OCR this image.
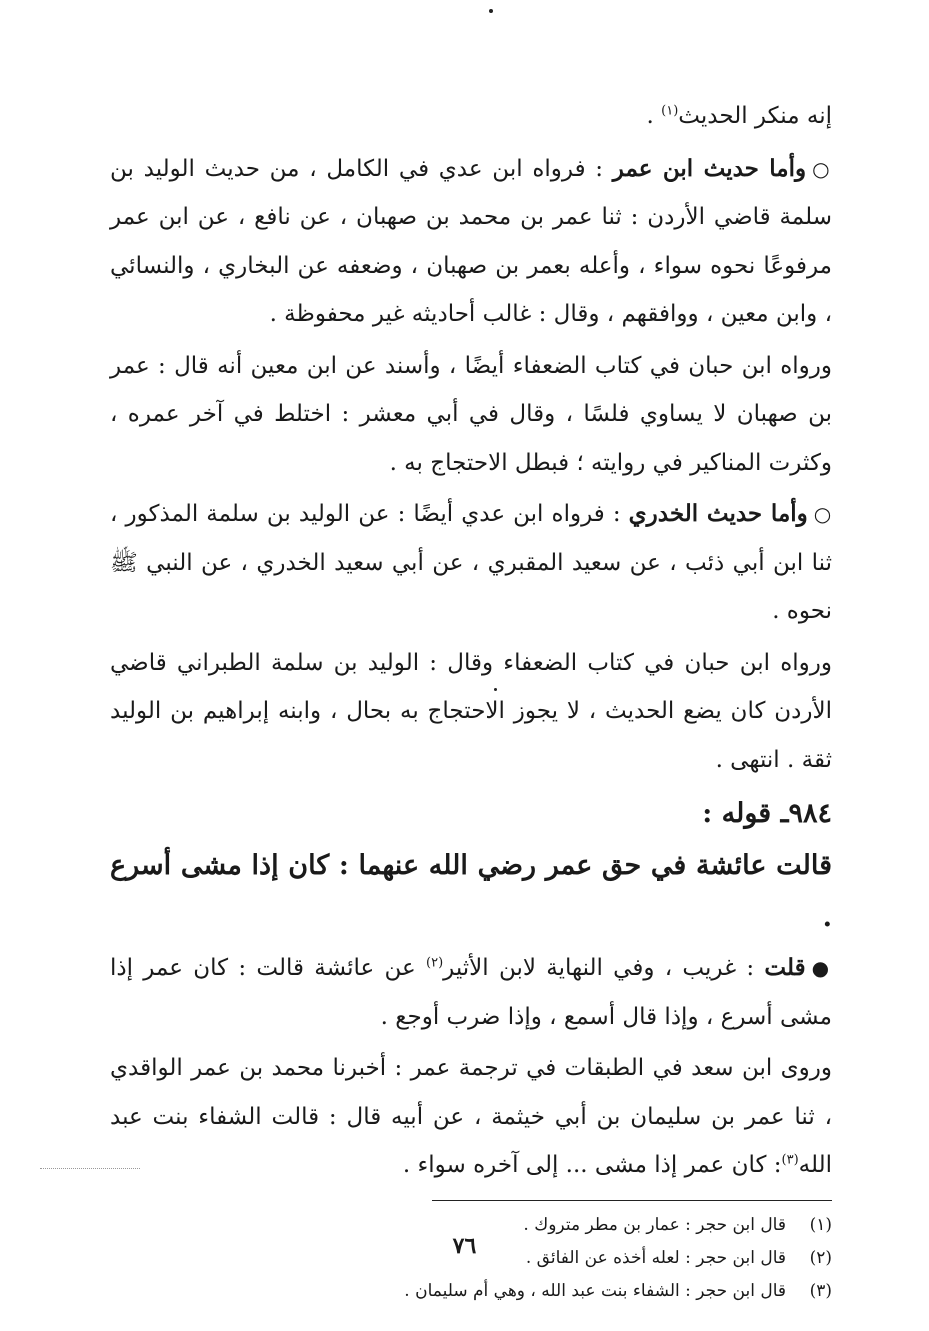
إنه منكر الحديث$^{(١)}$ .

○وأما حديث ابن عمر : فرواه ابن عدي في الكامل ، من حديث الوليد بن سلمة قاضي الأردن : ثنا عمر بن محمد بن صهبان ، عن نافع ، عن ابن عمر مرفوعًا نحوه سواء ، وأعله بعمر بن صهبان ، وضعفه عن البخاري ، والنسائي ، وابن معين ، ووافقهم ، وقال : غالب أحاديثه غير محفوظة .

ورواه ابن حبان في كتاب الضعفاء أيضًا ، وأسند عن ابن معين أنه قال : عمر بن صهبان لا يساوي فلسًا ، وقال في أبي معشر : اختلط في آخر عمره ، وكثرت المناكير في روايته ؛ فبطل الاحتجاج به .

○وأما حديث الخدري : فرواه ابن عدي أيضًا : عن الوليد بن سلمة المذكور ، ثنا ابن أبي ذئب ، عن سعيد المقبري ، عن أبي سعيد الخدري ، عن النبي ﷺ نحوه .

ورواه ابن حبان في كتاب الضعفاء وقال : الوليد بن سلمة الطبراني قاضي الأردن كان يضع الحديث ، لا يجوز الاحتجاج به بحال ، وابنه إبراهيم بن الوليد ثقة . انتهى .

٩٨٤ـ قوله :

قالت عائشة في حق عمر رضي الله عنهما : كان إذا مشى أسرع .

●قلت : غريب ، وفي النهاية لابن الأثير$^{(٢)}$ عن عائشة قالت : كان عمر إذا مشى أسرع ، وإذا قال أسمع ، وإذا ضرب أوجع .

وروى ابن سعد في الطبقات في ترجمة عمر : أخبرنا محمد بن عمر الواقدي ، ثنا عمر بن سليمان بن أبي خيثمة ، عن أبيه قال : قالت الشفاء بنت عبد الله$^{(٣)}$: كان عمر إذا مشى ... إلى آخره سواء .

(١)قال ابن حجر : عمار بن مطر متروك .

(٢)قال ابن حجر : لعله أخذه عن الفائق .

(٣)قال ابن حجر : الشفاء بنت عبد الله ، وهي أم سليمان .

٧٦
